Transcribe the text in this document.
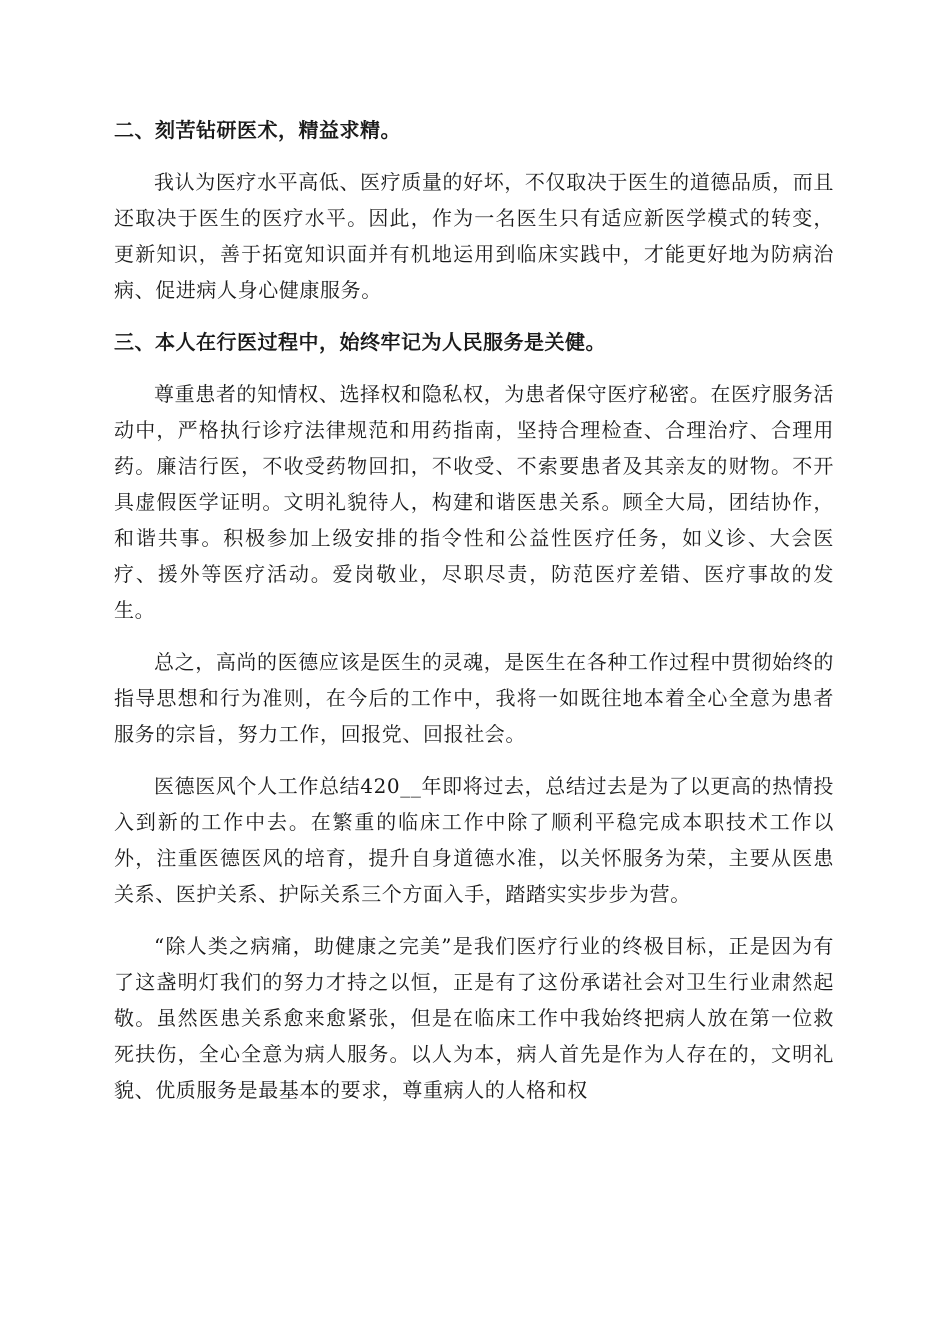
二、刻苦钻研医术，精益求精。

我认为医疗水平高低、医疗质量的好坏，不仅取决于医生的道德品质，而且还取决于医生的医疗水平。因此，作为一名医生只有适应新医学模式的转变，更新知识，善于拓宽知识面并有机地运用到临床实践中，才能更好地为防病治病、促进病人身心健康服务。

三、本人在行医过程中，始终牢记为人民服务是关健。

尊重患者的知情权、选择权和隐私权，为患者保守医疗秘密。在医疗服务活动中，严格执行诊疗法律规范和用药指南，坚持合理检查、合理治疗、合理用药。廉洁行医，不收受药物回扣，不收受、不索要患者及其亲友的财物。不开具虚假医学证明。文明礼貌待人，构建和谐医患关系。顾全大局，团结协作，和谐共事。积极参加上级安排的指令性和公益性医疗任务，如义诊、大会医疗、援外等医疗活动。爱岗敬业，尽职尽责，防范医疗差错、医疗事故的发生。

总之，高尚的医德应该是医生的灵魂，是医生在各种工作过程中贯彻始终的指导思想和行为准则，在今后的工作中，我将一如既往地本着全心全意为患者服务的宗旨，努力工作，回报党、回报社会。

医德医风个人工作总结420__年即将过去，总结过去是为了以更高的热情投入到新的工作中去。在繁重的临床工作中除了顺利平稳完成本职技术工作以外，注重医德医风的培育，提升自身道德水准，以关怀服务为荣，主要从医患关系、医护关系、护际关系三个方面入手，踏踏实实步步为营。

“除人类之病痛，助健康之完美”是我们医疗行业的终极目标，正是因为有了这盏明灯我们的努力才持之以恒，正是有了这份承诺社会对卫生行业肃然起敬。虽然医患关系愈来愈紧张，但是在临床工作中我始终把病人放在第一位救死扶伤，全心全意为病人服务。以人为本，病人首先是作为人存在的，文明礼貌、优质服务是最基本的要求，尊重病人的人格和权
